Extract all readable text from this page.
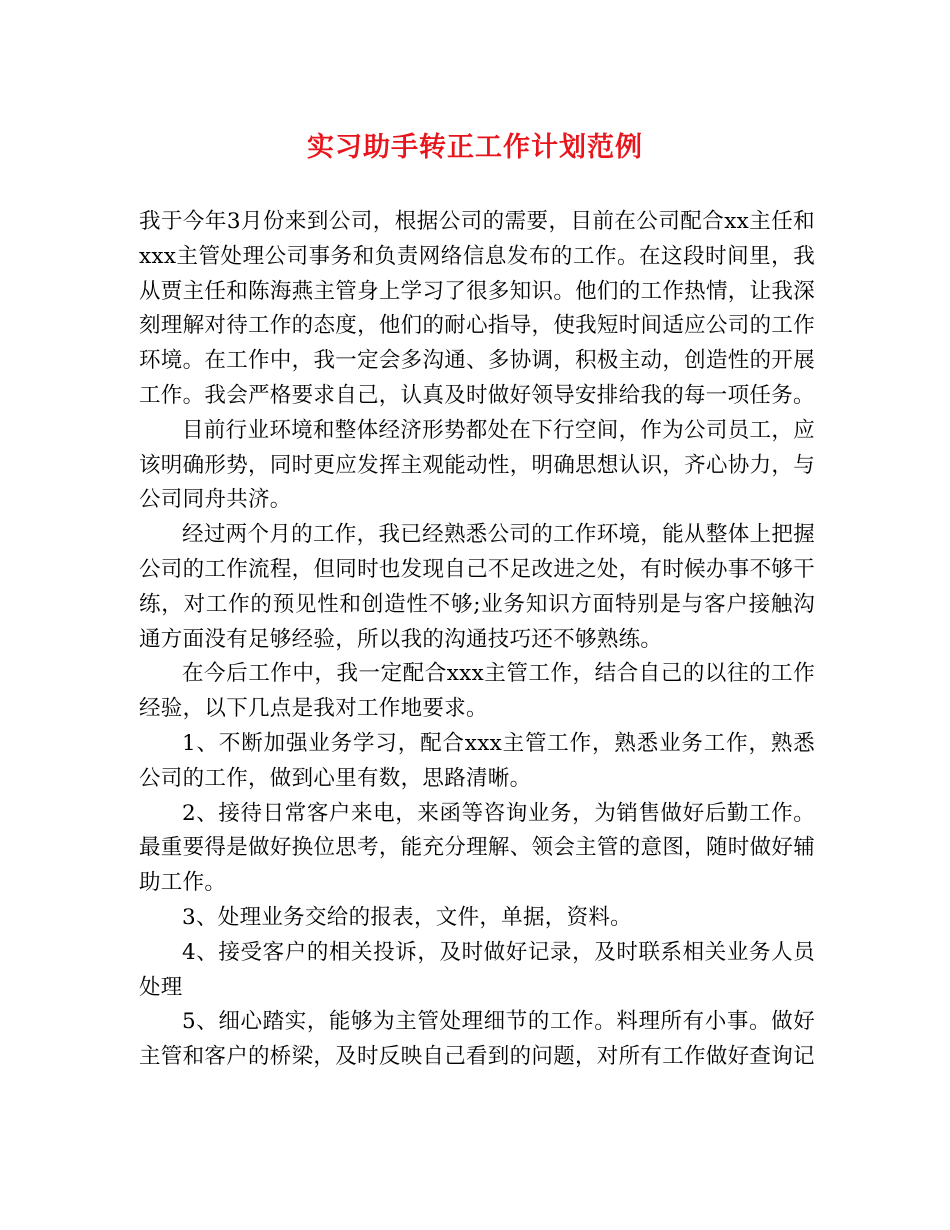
实习助手转正工作计划范例

我于今年3月份来到公司，根据公司的需要，目前在公司配合xx主任和xxx主管处理公司事务和负责网络信息发布的工作。在这段时间里，我从贾主任和陈海燕主管身上学习了很多知识。他们的工作热情，让我深刻理解对待工作的态度，他们的耐心指导，使我短时间适应公司的工作环境。在工作中，我一定会多沟通、多协调，积极主动，创造性的开展工作。我会严格要求自己，认真及时做好领导安排给我的每一项任务。

目前行业环境和整体经济形势都处在下行空间，作为公司员工，应该明确形势，同时更应发挥主观能动性，明确思想认识，齐心协力，与公司同舟共济。

经过两个月的工作，我已经熟悉公司的工作环境，能从整体上把握公司的工作流程，但同时也发现自己不足改进之处，有时候办事不够干练，对工作的预见性和创造性不够;业务知识方面特别是与客户接触沟通方面没有足够经验，所以我的沟通技巧还不够熟练。

在今后工作中，我一定配合xxx主管工作，结合自己的以往的工作经验，以下几点是我对工作地要求。

1、不断加强业务学习，配合xxx主管工作，熟悉业务工作，熟悉公司的工作，做到心里有数，思路清晰。

2、接待日常客户来电，来函等咨询业务，为销售做好后勤工作。最重要得是做好换位思考，能充分理解、领会主管的意图，随时做好辅助工作。

3、处理业务交给的报表，文件，单据，资料。

4、接受客户的相关投诉，及时做好记录，及时联系相关业务人员处理

5、细心踏实，能够为主管处理细节的工作。料理所有小事。做好主管和客户的桥梁，及时反映自己看到的问题，对所有工作做好查询记
